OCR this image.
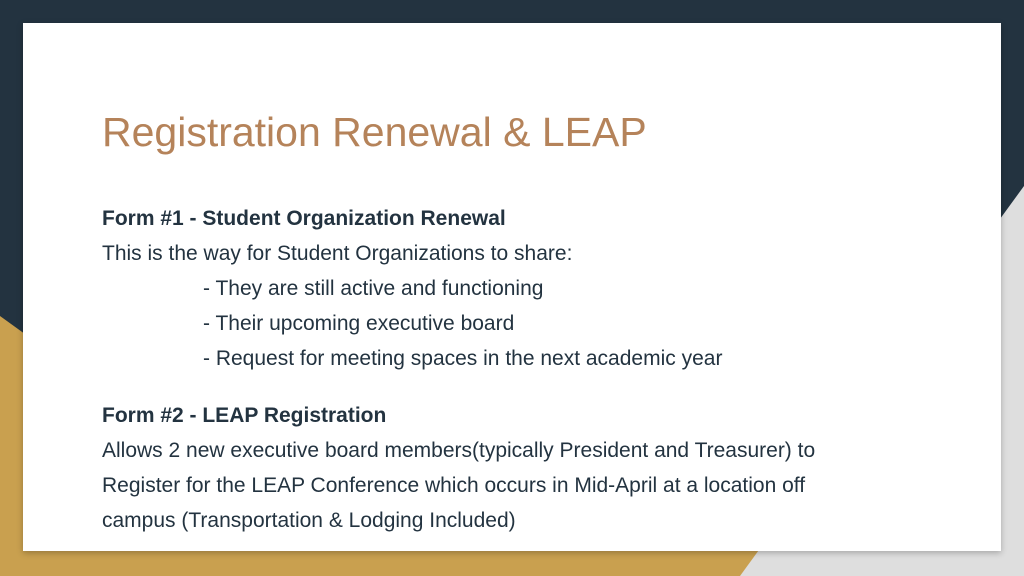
Registration Renewal & LEAP
Form #1 - Student Organization Renewal
This is the way for Student Organizations to share:
- They are still active and functioning
- Their upcoming executive board
- Request for meeting spaces in the next academic year
Form #2 - LEAP Registration
Allows 2 new executive board members(typically President and Treasurer) to
Register for the LEAP Conference which occurs in Mid-April at a location off
campus (Transportation & Lodging Included)
